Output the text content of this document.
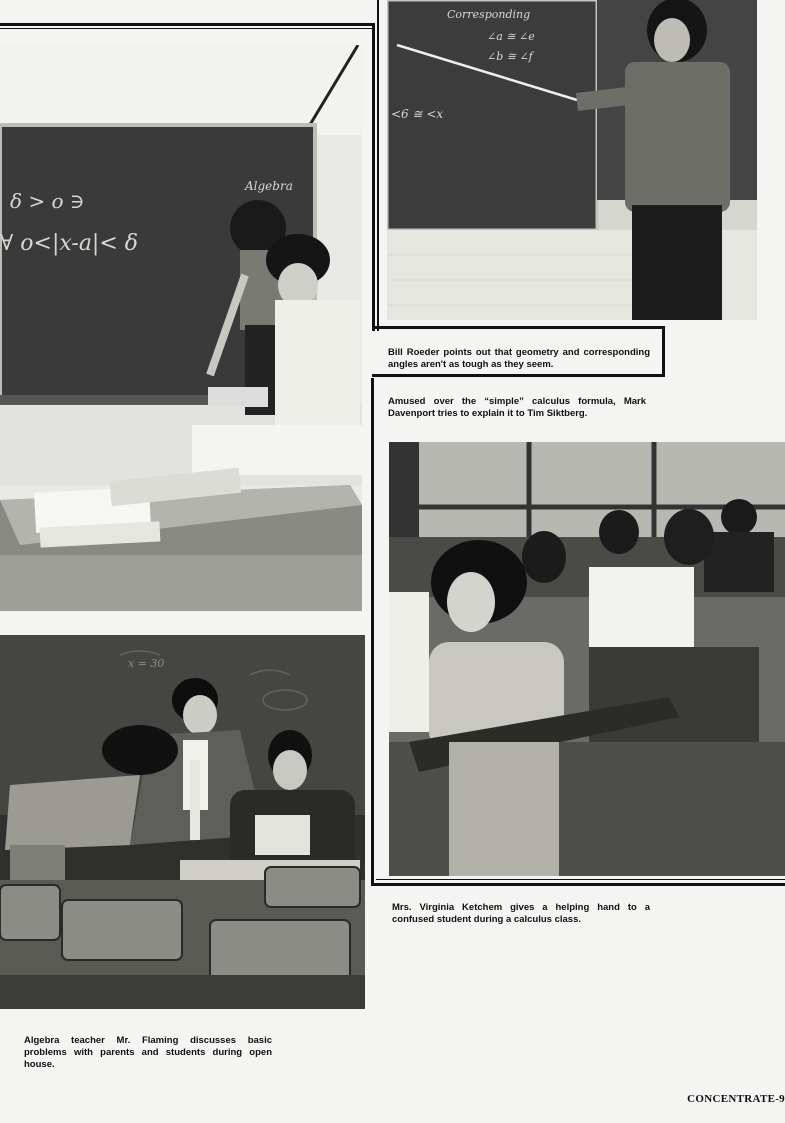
δ > o ∋
∀ o<|x-a|< δ
Algebra
Corresponding
∠a ≅ ∠e
∠b ≅ ∠f
<6 ≅ <x
Bill Roeder points out that geometry and corresponding angles aren't as tough as they seem.
Amused over the “simple” calculus formula, Mark Davenport tries to explain it to Tim Siktberg.
Mrs. Virginia Ketchem gives a helping hand to a confused student during a calculus class.
x = 30
Algebra teacher Mr. Flaming discusses basic problems with parents and students during open house.
CONCENTRATE-9
